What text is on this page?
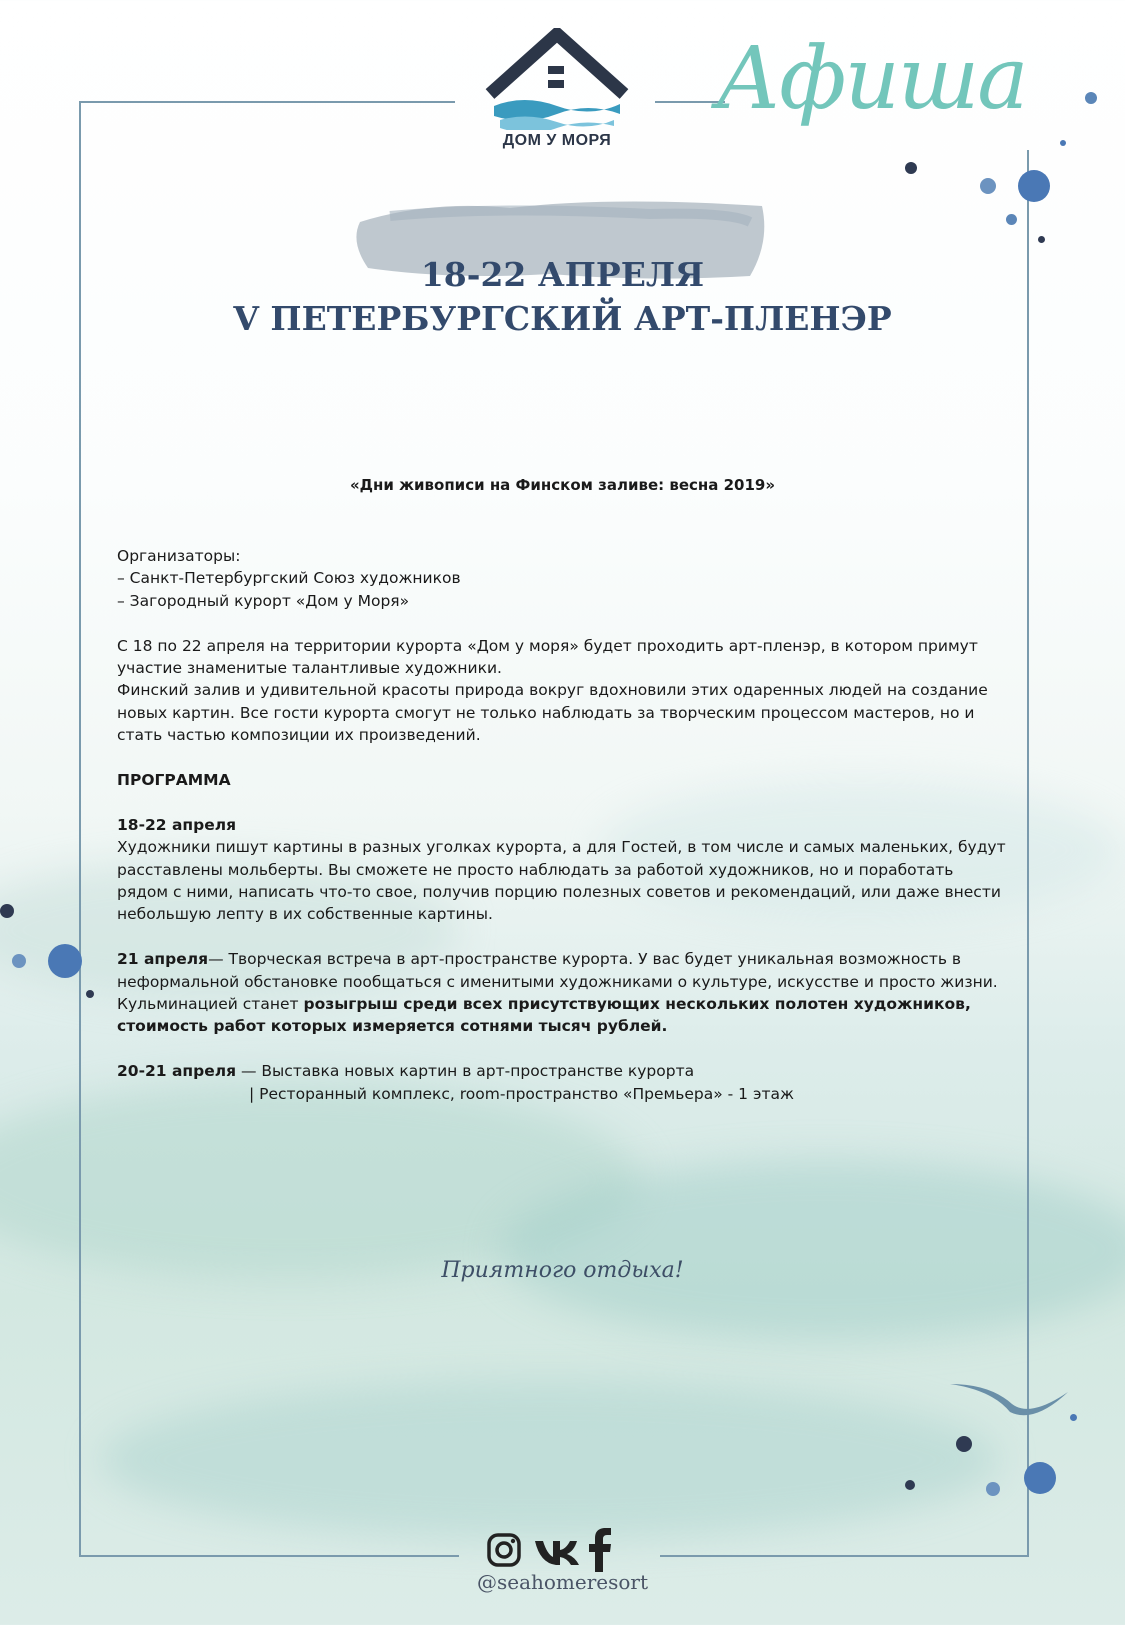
ДОМ У МОРЯ
Афиша
18-22 АПРЕЛЯ
V ПЕТЕРБУРГСКИЙ АРТ-ПЛЕНЭР
«Дни живописи на Финском заливе: весна 2019»

Организаторы:

– Санкт-Петербургский Союз художников

– Загородный курорт «Дом у Моря»

С 18 по 22 апреля на территории курорта «Дом у моря» будет проходить арт-пленэр, в котором примут участие знаменитые талантливые художники.

Финский залив и удивительной красоты природа вокруг вдохновили этих одаренных людей на создание новых картин. Все гости курорта смогут не только наблюдать за творческим процессом мастеров, но и стать частью композиции их произведений.

ПРОГРАММА

18-22 апреля

Художники пишут картины в разных уголках курорта, а для Гостей, в том числе и самых маленьких, будут расставлены мольберты. Вы сможете не просто наблюдать за работой художников, но и поработать рядом с ними, написать что-то свое, получив порцию полезных советов и рекомендаций, или даже внести небольшую лепту в их собственные картины.

21 апреля— Творческая встреча в арт-пространстве курорта. У вас будет уникальная возможность в неформальной обстановке пообщаться с именитыми художниками о культуре, искусстве и просто жизни. Кульминацией станет розыгрыш среди всех присутствующих нескольких полотен художников, стоимость работ которых измеряется сотнями тысяч рублей.

20-21 апреля — Выставка новых картин в арт-пространстве курорта

| Ресторанный комплекс, room-пространство «Премьера» - 1 этаж

Приятного отдыха!
@seahomeresort
